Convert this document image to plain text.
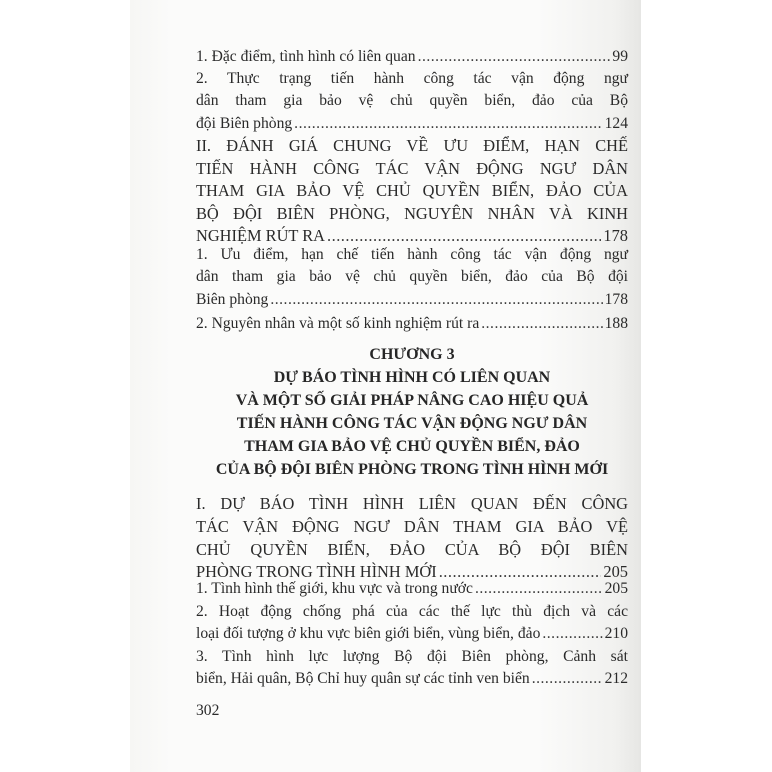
1. Đặc điểm, tình hình có liên quan .....	99
2. Thực trạng tiến hành công tác vận động ngư
dân tham gia bảo vệ chủ quyền biển, đảo của Bộ
đội Biên phòng .....	124
II. ĐÁNH GIÁ CHUNG VỀ ƯU ĐIỂM, HẠN CHẾ
TIẾN HÀNH CÔNG TÁC VẬN ĐỘNG NGƯ DÂN
THAM GIA BẢO VỆ CHỦ QUYỀN BIỂN, ĐẢO CỦA
BỘ ĐỘI BIÊN PHÒNG, NGUYÊN NHÂN VÀ KINH
NGHIỆM RÚT RA .....	178
1. Ưu điểm, hạn chế tiến hành công tác vận động ngư
dân tham gia bảo vệ chủ quyền biển, đảo của Bộ đội
Biên phòng .....	178
2. Nguyên nhân và một số kinh nghiệm rút ra .....	188
CHƯƠNG 3
DỰ BÁO TÌNH HÌNH CÓ LIÊN QUAN
VÀ MỘT SỐ GIẢI PHÁP NÂNG CAO HIỆU QUẢ
TIẾN HÀNH CÔNG TÁC VẬN ĐỘNG NGƯ DÂN
THAM GIA BẢO VỆ CHỦ QUYỀN BIỂN, ĐẢO
CỦA BỘ ĐỘI BIÊN PHÒNG TRONG TÌNH HÌNH MỚI
I. DỰ BÁO TÌNH HÌNH LIÊN QUAN ĐẾN CÔNG
TÁC VẬN ĐỘNG NGƯ DÂN THAM GIA BẢO VỆ
CHỦ QUYỀN BIỂN, ĐẢO CỦA BỘ ĐỘI BIÊN
PHÒNG TRONG TÌNH HÌNH MỚI .....	205
1. Tình hình thế giới, khu vực và trong nước .....	205
2. Hoạt động chống phá của các thế lực thù địch và các
loại đối tượng ở khu vực biên giới biển, vùng biển, đảo .....	210
3. Tình hình lực lượng Bộ đội Biên phòng, Cảnh sát
biển, Hải quân, Bộ Chỉ huy quân sự các tỉnh ven biển .....	212
302
